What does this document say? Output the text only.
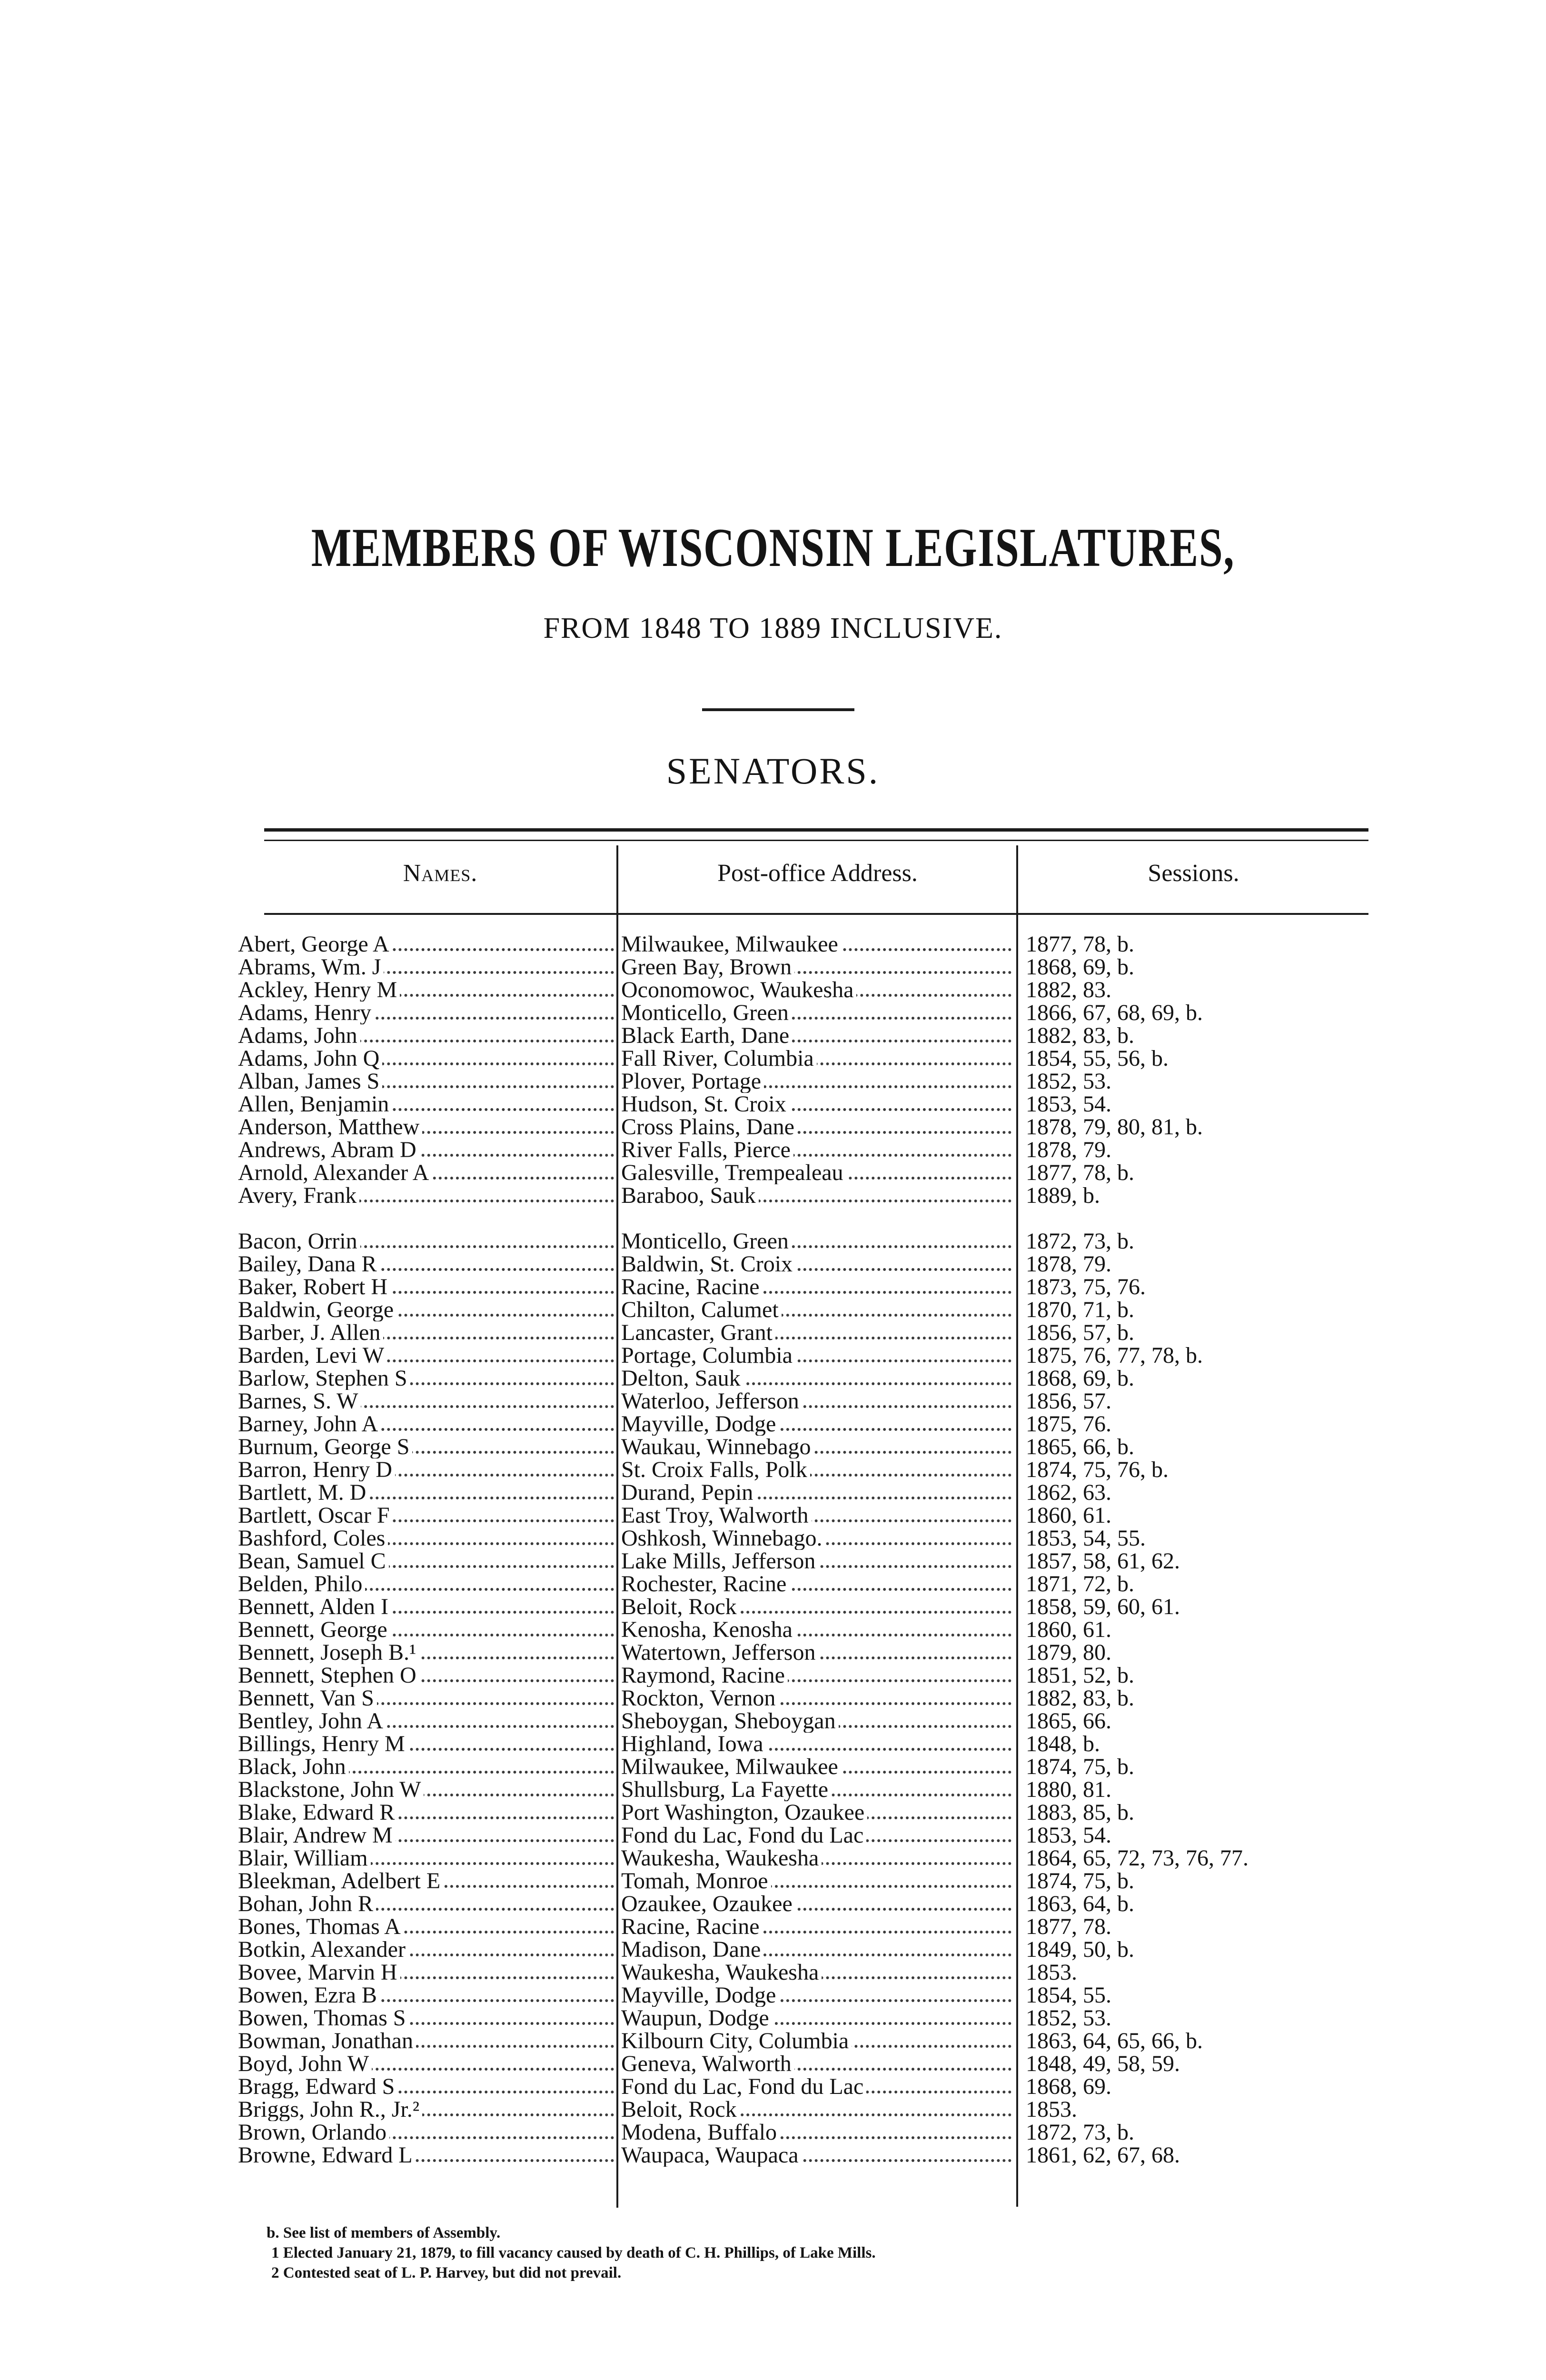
MEMBERS OF WISCONSIN LEGISLATURES,
FROM 1848 TO 1889 INCLUSIVE.
SENATORS.
Names.	Post-office Address.	Sessions.
Abert, George A	Milwaukee, Milwaukee	1877, 78, b.
Abrams, Wm. J	Green Bay, Brown	1868, 69, b.
Ackley, Henry M	Oconomowoc, Waukesha	1882, 83.
Adams, Henry	Monticello, Green	1866, 67, 68, 69, b.
Adams, John	Black Earth, Dane	1882, 83, b.
Adams, John Q	Fall River, Columbia	1854, 55, 56, b.
Alban, James S	Plover, Portage	1852, 53.
Allen, Benjamin	Hudson, St. Croix	1853, 54.
Anderson, Matthew	Cross Plains, Dane	1878, 79, 80, 81, b.
Andrews, Abram D	River Falls, Pierce	1878, 79.
Arnold, Alexander A	Galesville, Trempealeau	1877, 78, b.
Avery, Frank	Baraboo, Sauk	1889, b.
Bacon, Orrin	Monticello, Green	1872, 73, b.
Bailey, Dana R	Baldwin, St. Croix	1878, 79.
Baker, Robert H	Racine, Racine	1873, 75, 76.
Baldwin, George	Chilton, Calumet	1870, 71, b.
Barber, J. Allen	Lancaster, Grant	1856, 57, b.
Barden, Levi W	Portage, Columbia	1875, 76, 77, 78, b.
Barlow, Stephen S	Delton, Sauk	1868, 69, b.
Barnes, S. W	Waterloo, Jefferson	1856, 57.
Barney, John A	Mayville, Dodge	1875, 76.
Burnum, George S	Waukau, Winnebago	1865, 66, b.
Barron, Henry D	St. Croix Falls, Polk	1874, 75, 76, b.
Bartlett, M. D	Durand, Pepin	1862, 63.
Bartlett, Oscar F	East Troy, Walworth	1860, 61.
Bashford, Coles	Oshkosh, Winnebago.	1853, 54, 55.
Bean, Samuel C	Lake Mills, Jefferson	1857, 58, 61, 62.
Belden, Philo	Rochester, Racine	1871, 72, b.
Bennett, Alden I	Beloit, Rock	1858, 59, 60, 61.
Bennett, George	Kenosha, Kenosha	1860, 61.
Bennett, Joseph B.¹	Watertown, Jefferson	1879, 80.
Bennett, Stephen O	Raymond, Racine	1851, 52, b.
Bennett, Van S	Rockton, Vernon	1882, 83, b.
Bentley, John A	Sheboygan, Sheboygan	1865, 66.
Billings, Henry M	Highland, Iowa	1848, b.
Black, John	Milwaukee, Milwaukee	1874, 75, b.
Blackstone, John W	Shullsburg, La Fayette	1880, 81.
Blake, Edward R	Port Washington, Ozaukee	1883, 85, b.
Blair, Andrew M	Fond du Lac, Fond du Lac	1853, 54.
Blair, William	Waukesha, Waukesha	1864, 65, 72, 73, 76, 77.
Bleekman, Adelbert E	Tomah, Monroe	1874, 75, b.
Bohan, John R	Ozaukee, Ozaukee	1863, 64, b.
Bones, Thomas A	Racine, Racine	1877, 78.
Botkin, Alexander	Madison, Dane	1849, 50, b.
Bovee, Marvin H	Waukesha, Waukesha	1853.
Bowen, Ezra B	Mayville, Dodge	1854, 55.
Bowen, Thomas S	Waupun, Dodge	1852, 53.
Bowman, Jonathan	Kilbourn City, Columbia	1863, 64, 65, 66, b.
Boyd, John W	Geneva, Walworth	1848, 49, 58, 59.
Bragg, Edward S	Fond du Lac, Fond du Lac	1868, 69.
Briggs, John R., Jr.²	Beloit, Rock	1853.
Brown, Orlando	Modena, Buffalo	1872, 73, b.
Browne, Edward L	Waupaca, Waupaca	1861, 62, 67, 68.
b. See list of members of Assembly.
1 Elected January 21, 1879, to fill vacancy caused by death of C. H. Phillips, of Lake Mills.
2 Contested seat of L. P. Harvey, but did not prevail.
